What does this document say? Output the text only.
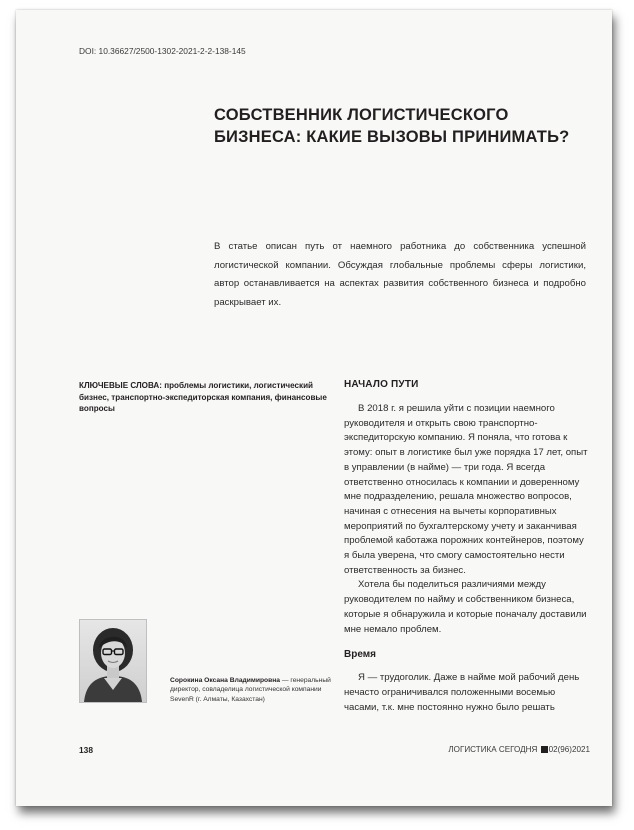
DOI: 10.36627/2500-1302-2021-2-2-138-145
СОБСТВЕННИК ЛОГИСТИЧЕСКОГО БИЗНЕСА: КАКИЕ ВЫЗОВЫ ПРИНИМАТЬ?

В статье описан путь от наемного работника до собственника успешной логистической компании. Обсуждая глобальные проблемы сферы логистики, автор останавливается на аспектах развития собственного бизнеса и подробно раскрывает их.

КЛЮЧЕВЫЕ СЛОВА: проблемы логистики, логистический бизнес, транспортно-экспедиторская компания, финансовые вопросы

Сорокина Оксана Владимировна — генеральный директор, совладелица логистической компании SevenR (г. Алматы, Казахстан)

НАЧАЛО ПУТИ

В 2018 г. я решила уйти с позиции наемного руководителя и открыть свою транспортно-экспедиторскую компанию. Я поняла, что готова к этому: опыт в логистике был уже порядка 17 лет, опыт в управлении (в найме) — три года. Я всегда ответственно относилась к компании и доверенному мне подразделению, решала множество вопросов, начиная с отнесения на вычеты корпоративных мероприятий по бухгалтерскому учету и заканчивая проблемой каботажа порожних контейнеров, поэтому я была уверена, что смогу самостоятельно нести ответственность за бизнес.

Хотела бы поделиться различиями между руководителем по найму и собственником бизнеса, которые я обнаружила и которые поначалу доставили мне немало проблем.

Время

Я — трудоголик. Даже в найме мой рабочий день нечасто ограничивался положенными восемью часами, т.к. мне постоянно нужно было решать

138	ЛОГИСТИКА СЕГОДНЯ 02(96)2021
